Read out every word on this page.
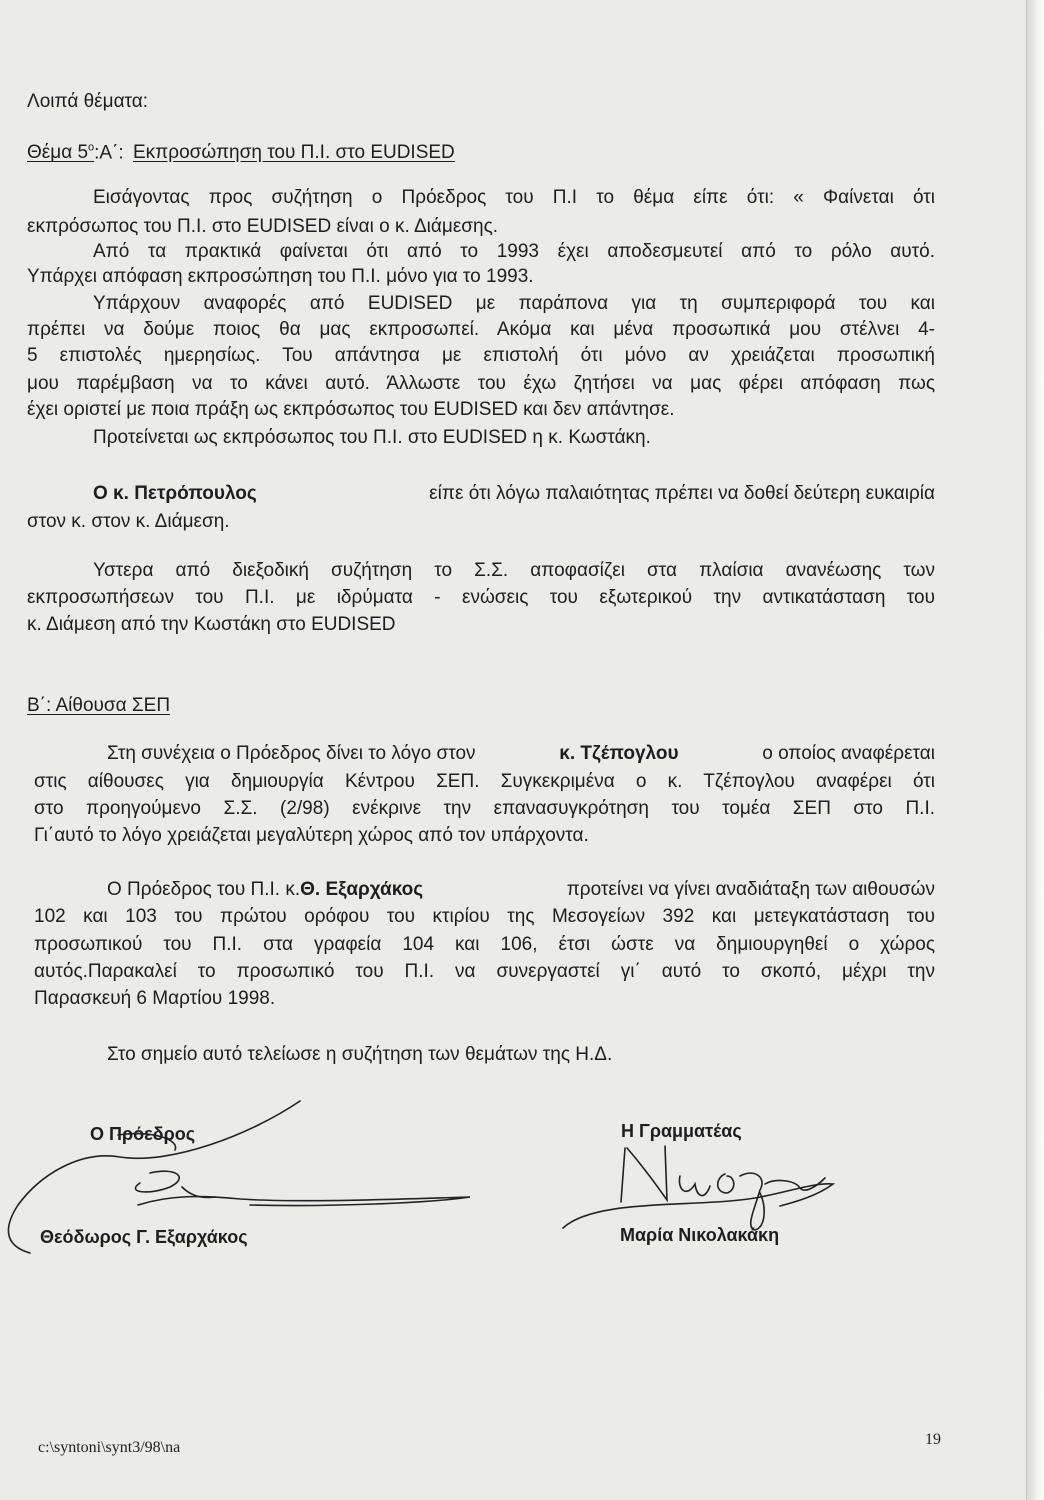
Λοιπά θέματα:
Θέμα $5^o:A΄$: Εκπροσώπηση του Π.Ι. στο EUDISED
Εισάγοντας προς συζήτηση ο Πρόεδρος του Π.Ι το θέμα είπε ότι: « Φαίνεται ότι
εκπρόσωπος του Π.Ι. στο EUDISED είναι ο κ. Διάμεσης.
Από τα πρακτικά φαίνεται ότι από το 1993 έχει αποδεσμευτεί από το ρόλο αυτό.
Υπάρχει απόφαση εκπροσώπηση του Π.Ι. μόνο για το 1993.
Υπάρχουν αναφορές από EUDISED με παράπονα για τη συμπεριφορά του και
πρέπει να δούμε ποιος θα μας εκπροσωπεί. Ακόμα και μένα προσωπικά μου στέλνει 4-
5 επιστολές ημερησίως. Του απάντησα με επιστολή ότι μόνο αν χρειάζεται προσωπική
μου παρέμβαση να το κάνει αυτό. Άλλωστε του έχω ζητήσει να μας φέρει απόφαση πως
έχει οριστεί με ποια πράξη ως εκπρόσωπος του EUDISED και δεν απάντησε.
Προτείνεται ως εκπρόσωπος του Π.Ι. στο EUDISED η κ. Κωστάκη.
Ο κ. Πετρόπουλος	είπε ότι λόγω παλαιότητας πρέπει να δοθεί δεύτερη ευκαιρία
στον κ. στον κ. Διάμεση.
Υστερα από διεξοδική συζήτηση το Σ.Σ. αποφασίζει στα πλαίσια ανανέωσης των
εκπροσωπήσεων του Π.Ι. με ιδρύματα - ενώσεις του εξωτερικού την αντικατάσταση του
κ. Διάμεση από την Κωστάκη στο EUDISED
Β΄: Αίθουσα ΣΕΠ
Στη συνέχεια ο Πρόεδρος δίνει το λόγο στον	κ. Τζέπογλου	ο οποίος αναφέρεται
στις αίθουσες για δημιουργία Κέντρου ΣΕΠ. Συγκεκριμένα ο κ. Τζέπογλου αναφέρει ότι
στο προηγούμενο Σ.Σ. (2/98) ενέκρινε την επανασυγκρότηση του τομέα ΣΕΠ στο Π.Ι.
Γι΄αυτό το λόγο χρειάζεται μεγαλύτερη χώρος από τον υπάρχοντα.
Ο Πρόεδρος του Π.Ι. κ.Θ. Εξαρχάκος	προτείνει να γίνει αναδιάταξη των αιθουσών
102 και 103 του πρώτου ορόφου του κτιρίου της Μεσογείων 392 και μετεγκατάσταση του
προσωπικού του Π.Ι. στα γραφεία 104 και 106, έτσι ώστε να δημιουργηθεί ο χώρος
αυτός.Παρακαλεί το προσωπικό του Π.Ι. να συνεργαστεί γι΄ αυτό το σκοπό, μέχρι την
Παρασκευή 6 Μαρτίου 1998.
Στο σημείο αυτό τελείωσε η συζήτηση των θεμάτων της Η.Δ.
Ο Πρόεδρος
Θεόδωρος Γ. Εξαρχάκος
Η Γραμματέας
Μαρία Νικολακάκη
c:\syntoni\synt3/98\na	19
